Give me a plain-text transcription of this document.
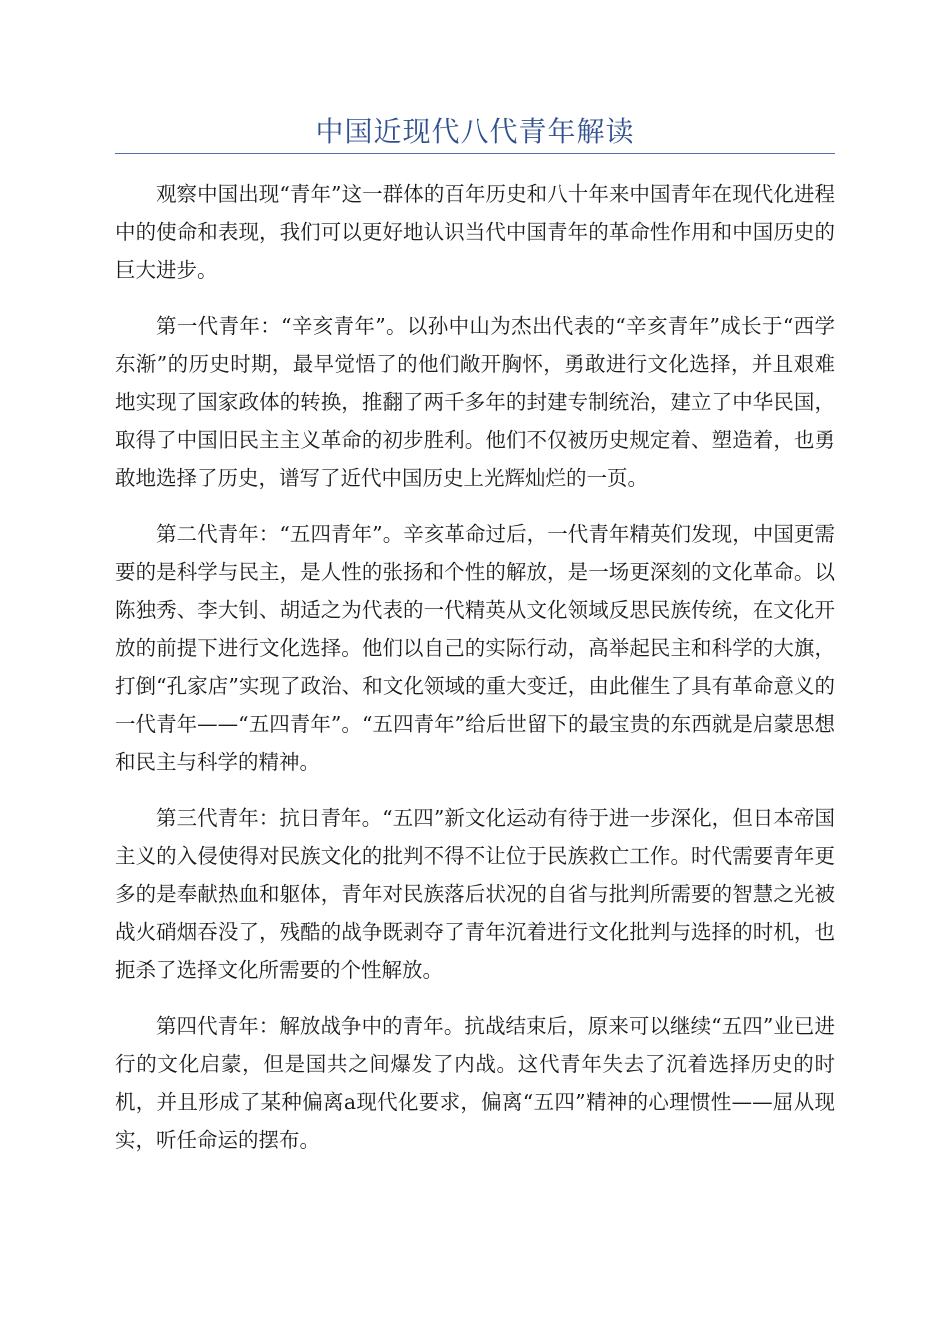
中国近现代八代青年解读

观察中国出现“青年”这一群体的百年历史和八十年来中国青年在现代化进程中的使命和表现，我们可以更好地认识当代中国青年的革命性作用和中国历史的巨大进步。

第一代青年：“辛亥青年”。以孙中山为杰出代表的“辛亥青年”成长于“西学东渐”的历史时期，最早觉悟了的他们敞开胸怀，勇敢进行文化选择，并且艰难地实现了国家政体的转换，推翻了两千多年的封建专制统治，建立了中华民国，取得了中国旧民主主义革命的初步胜利。他们不仅被历史规定着、塑造着，也勇敢地选择了历史，谱写了近代中国历史上光辉灿烂的一页。

第二代青年：“五四青年”。辛亥革命过后，一代青年精英们发现，中国更需要的是科学与民主，是人性的张扬和个性的解放，是一场更深刻的文化革命。以陈独秀、李大钊、胡适之为代表的一代精英从文化领域反思民族传统，在文化开放的前提下进行文化选择。他们以自己的实际行动，高举起民主和科学的大旗，打倒“孔家店”实现了政治、和文化领域的重大变迁，由此催生了具有革命意义的一代青年——“五四青年”。“五四青年”给后世留下的最宝贵的东西就是启蒙思想和民主与科学的精神。

第三代青年：抗日青年。“五四”新文化运动有待于进一步深化，但日本帝国主义的入侵使得对民族文化的批判不得不让位于民族救亡工作。时代需要青年更多的是奉献热血和躯体，青年对民族落后状况的自省与批判所需要的智慧之光被战火硝烟吞没了，残酷的战争既剥夺了青年沉着进行文化批判与选择的时机，也扼杀了选择文化所需要的个性解放。

第四代青年：解放战争中的青年。抗战结束后，原来可以继续“五四”业已进行的文化启蒙，但是国共之间爆发了内战。这代青年失去了沉着选择历史的时机，并且形成了某种偏离a现代化要求，偏离“五四”精神的心理惯性——屈从现实，听任命运的摆布。
